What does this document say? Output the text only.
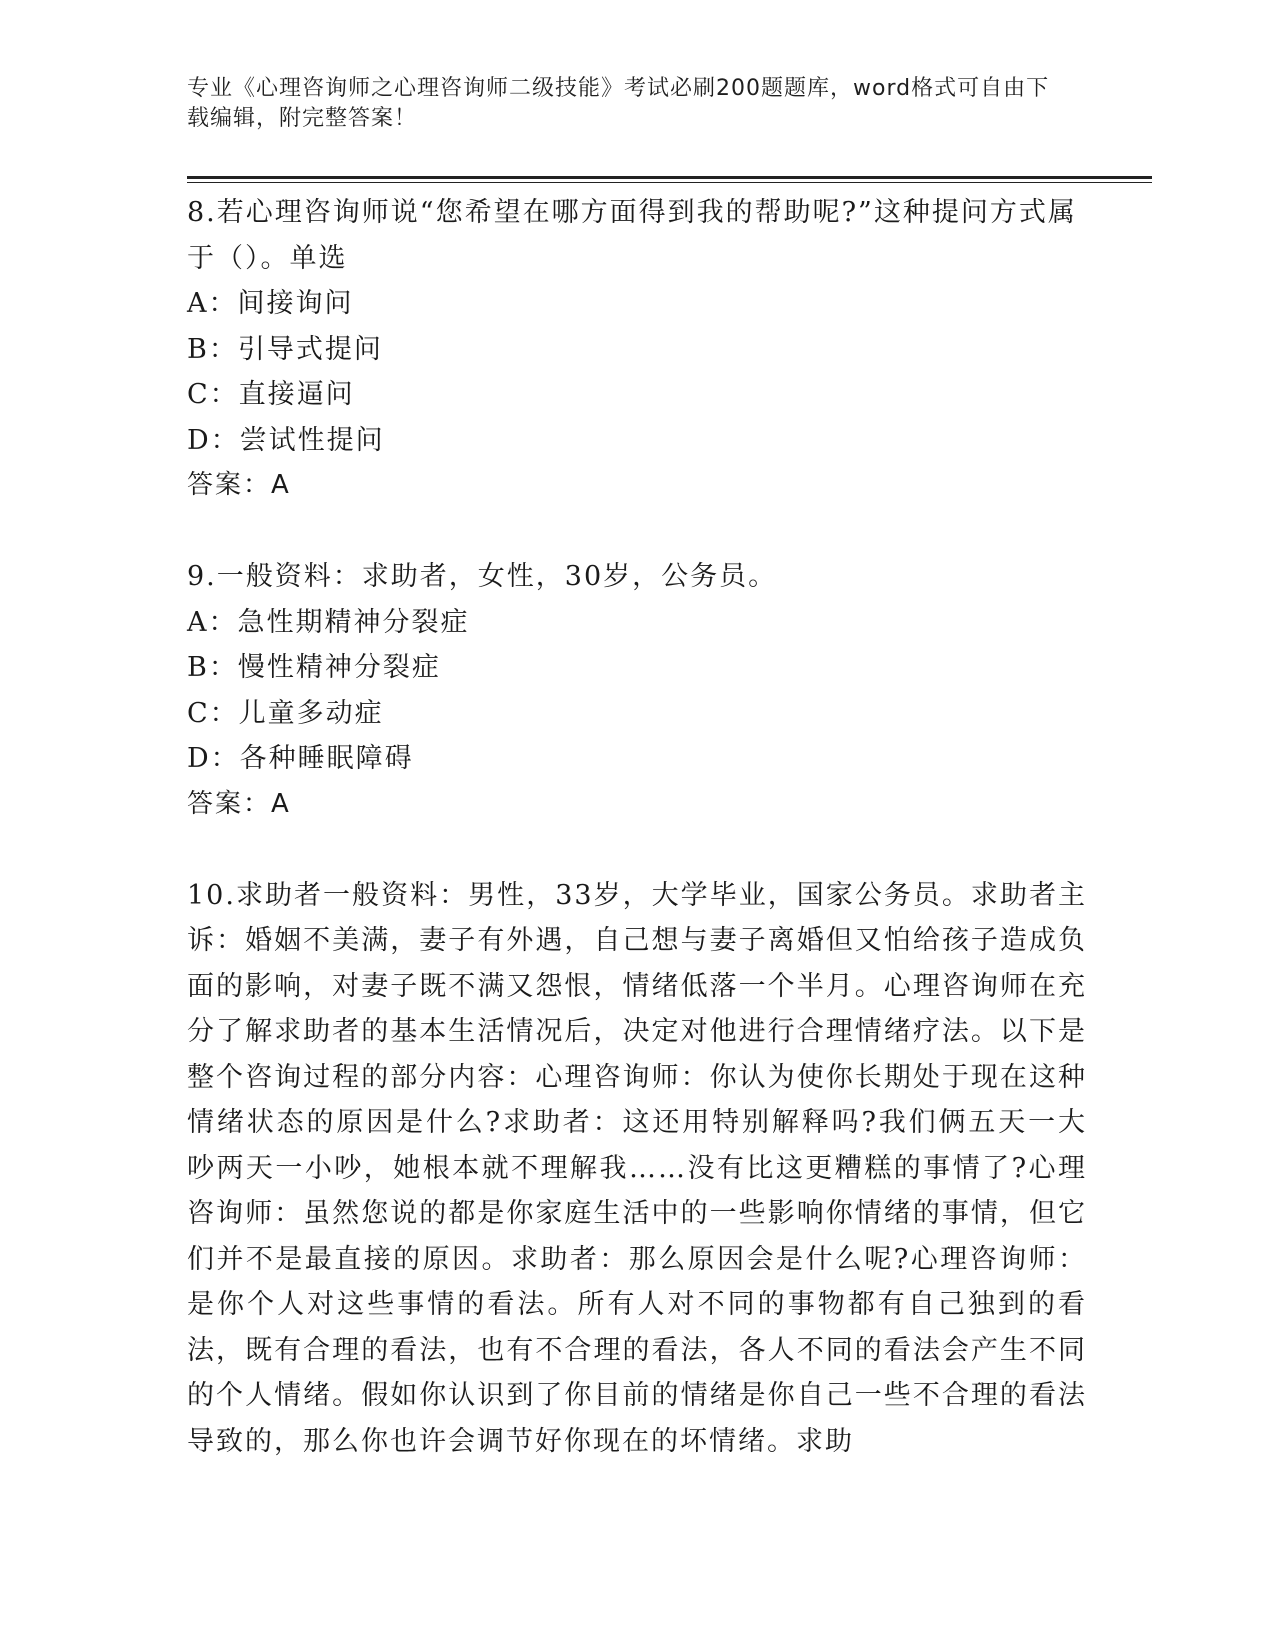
专业《心理咨询师之心理咨询师二级技能》考试必刷200题题库，word格式可自由下载编辑，附完整答案！

8.若心理咨询师说“您希望在哪方面得到我的帮助呢?”这种提问方式属于（）。单选

A：间接询问

B：引导式提问

C：直接逼问

D：尝试性提问

答案：A

9.一般资料：求助者，女性，30岁，公务员。

A：急性期精神分裂症

B：慢性精神分裂症

C：儿童多动症

D：各种睡眠障碍

答案：A

10.求助者一般资料：男性，33岁，大学毕业，国家公务员。求助者主诉：婚姻不美满，妻子有外遇，自己想与妻子离婚但又怕给孩子造成负面的影响，对妻子既不满又怨恨，情绪低落一个半月。心理咨询师在充分了解求助者的基本生活情况后，决定对他进行合理情绪疗法。以下是整个咨询过程的部分内容：心理咨询师：你认为使你长期处于现在这种情绪状态的原因是什么?求助者：这还用特别解释吗?我们俩五天一大吵两天一小吵，她根本就不理解我……没有比这更糟糕的事情了?心理咨询师：虽然您说的都是你家庭生活中的一些影响你情绪的事情，但它们并不是最直接的原因。求助者：那么原因会是什么呢?心理咨询师：是你个人对这些事情的看法。所有人对不同的事物都有自己独到的看法，既有合理的看法，也有不合理的看法，各人不同的看法会产生不同的个人情绪。假如你认识到了你目前的情绪是你自己一些不合理的看法导致的，那么你也许会调节好你现在的坏情绪。求助
